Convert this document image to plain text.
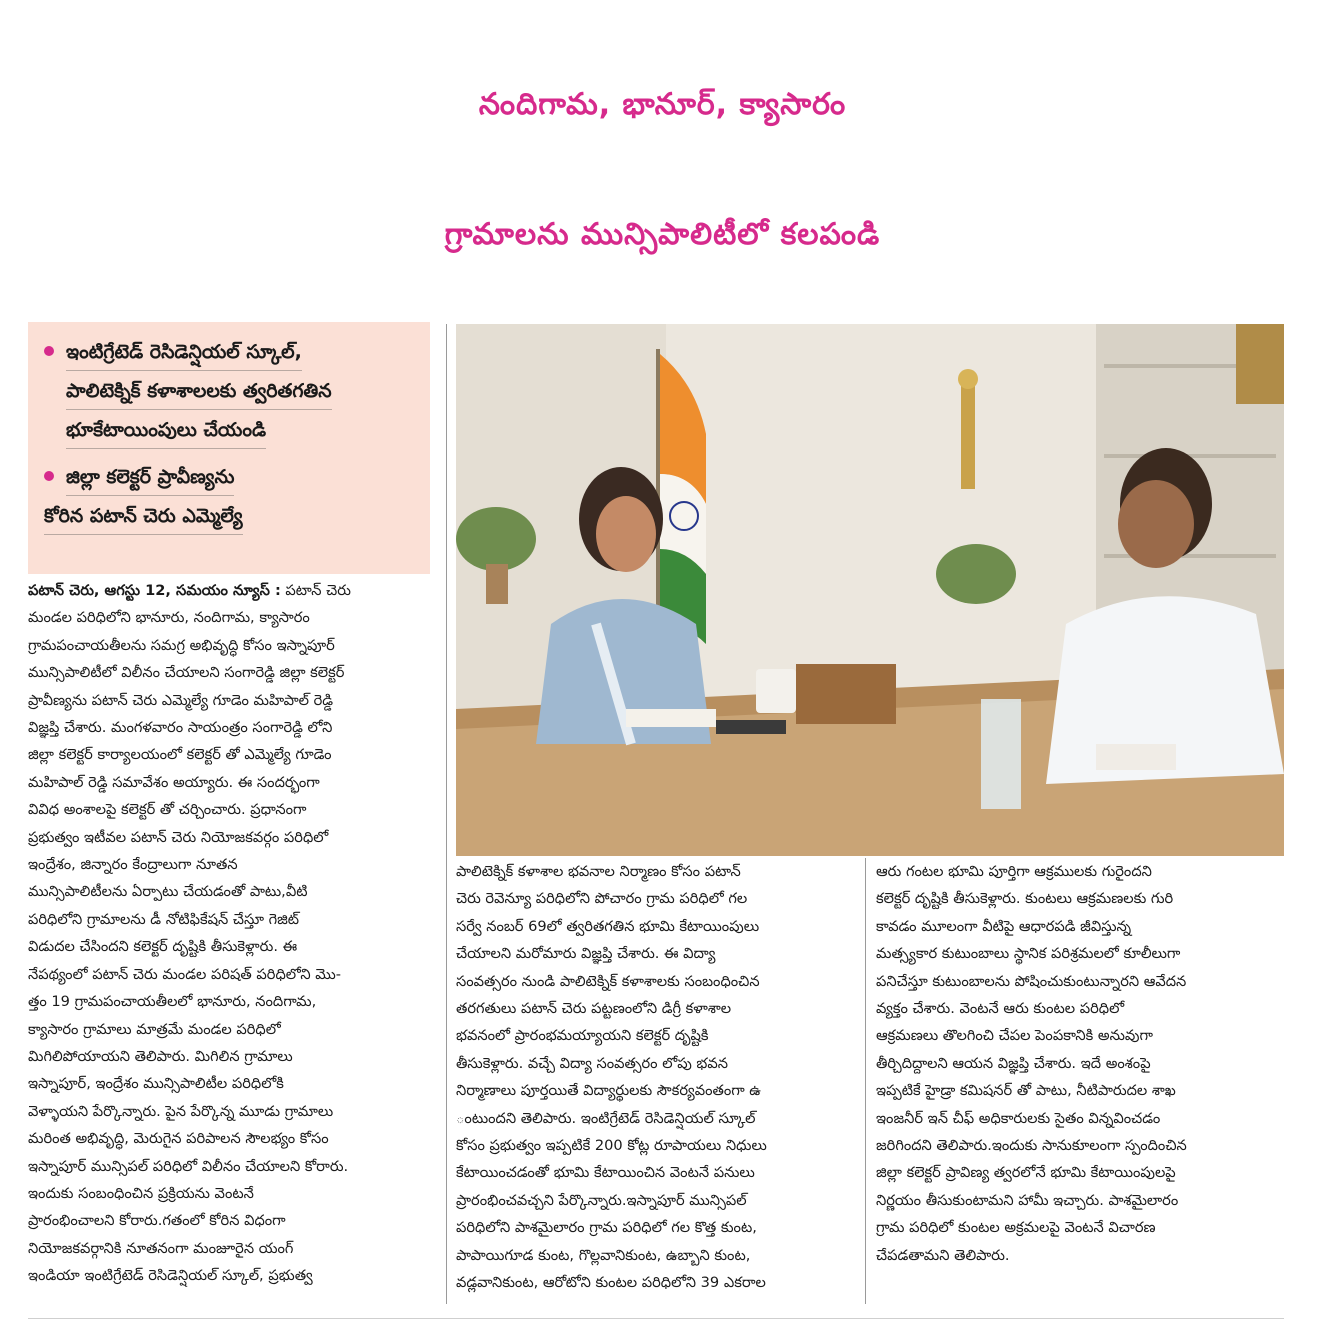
నందిగామ, భానూర్, క్యాసారం
గ్రామాలను మున్సిపాలిటీలో కలపండి
ఇంటిగ్రేటెడ్ రెసిడెన్షియల్ స్కూల్,
పాలిటెక్నిక్ కళాశాలలకు త్వరితగతిన
భూకేటాయింపులు చేయండి
జిల్లా కలెక్టర్ ప్రావీణ్యను
కోరిన పటాన్ చెరు ఎమ్మెల్యే
పటాన్ చెరు, ఆగస్టు 12, సమయం న్యూస్ : పటాన్ చెరు
మండల పరిధిలోని భానూరు, నందిగామ, క్యాసారం
గ్రామపంచాయతీలను సమగ్ర అభివృద్ధి కోసం ఇస్నాపూర్
మున్సిపాలిటీలో విలీనం చేయాలని సంగారెడ్డి జిల్లా కలెక్టర్
ప్రావీణ్యను పటాన్ చెరు ఎమ్మెల్యే గూడెం మహిపాల్ రెడ్డి
విజ్ఞప్తి చేశారు. మంగళవారం సాయంత్రం సంగారెడ్డి లోని
జిల్లా కలెక్టర్ కార్యాలయంలో కలెక్టర్ తో ఎమ్మెల్యే గూడెం
మహిపాల్ రెడ్డి సమావేశం అయ్యారు. ఈ సందర్భంగా
వివిధ అంశాలపై కలెక్టర్ తో చర్చించారు. ప్రధానంగా
ప్రభుత్వం ఇటీవల పటాన్ చెరు నియోజకవర్గం పరిధిలో
ఇంద్రేశం, జిన్నారం కేంద్రాలుగా నూతన
మున్సిపాలిటీలను ఏర్పాటు చేయడంతో పాటు,వీటి
పరిధిలోని గ్రామాలను డీ నోటిఫికేషన్ చేస్తూ గెజిట్
విడుదల చేసిందని కలెక్టర్ దృష్టికి తీసుకెళ్లారు. ఈ
నేపథ్యంలో పటాన్ చెరు మండల పరిషత్ పరిధిలోని మొ-
త్తం 19 గ్రామపంచాయతీలలో భానూరు, నందిగామ,
క్యాసారం గ్రామాలు మాత్రమే మండల పరిధిలో
మిగిలిపోయాయని తెలిపారు. మిగిలిన గ్రామాలు
ఇస్నాపూర్, ఇంద్రేశం మున్సిపాలిటీల పరిధిలోకి
వెళ్ళాయని పేర్కొన్నారు. పైన పేర్కొన్న మూడు గ్రామాలు
మరింత అభివృద్ధి, మెరుగైన పరిపాలన సౌలభ్యం కోసం
ఇస్నాపూర్ మున్సిపల్ పరిధిలో విలీనం చేయాలని కోరారు.
ఇందుకు సంబంధించిన ప్రక్రియను వెంటనే
ప్రారంభించాలని కోరారు.గతంలో కోరిన విధంగా
నియోజకవర్గానికి నూతనంగా మంజూరైన యంగ్
ఇండియా ఇంటిగ్రేటెడ్ రెసిడెన్షియల్ స్కూల్, ప్రభుత్వ
పాలిటెక్నిక్ కళాశాల భవనాల నిర్మాణం కోసం పటాన్
చెరు రెవెన్యూ పరిధిలోని పోచారం గ్రామ పరిధిలో గల
సర్వే నంబర్ 69లో త్వరితగతిన భూమి కేటాయింపులు
చేయాలని మరోమారు విజ్ఞప్తి చేశారు. ఈ విద్యా
సంవత్సరం నుండి పాలిటెక్నిక్ కళాశాలకు సంబంధించిన
తరగతులు పటాన్ చెరు పట్టణంలోని డిగ్రీ కళాశాల
భవనంలో ప్రారంభమయ్యాయని కలెక్టర్ దృష్టికి
తీసుకెళ్లారు. వచ్చే విద్యా సంవత్సరం లోపు భవన
నిర్మాణాలు పూర్తయితే విద్యార్థులకు సౌకర్యవంతంగా ఉ
ంటుందని తెలిపారు. ఇంటిగ్రేటెడ్ రెసిడెన్షియల్ స్కూల్
కోసం ప్రభుత్వం ఇప్పటికే 200 కోట్ల రూపాయలు నిధులు
కేటాయించడంతో భూమి కేటాయించిన వెంటనే పనులు
ప్రారంభించవచ్చని పేర్కొన్నారు.ఇస్నాపూర్ మున్సిపల్
పరిధిలోని పాశమైలారం గ్రామ పరిధిలో గల కొత్త కుంట,
పాపాయిగూడ కుంట, గొల్లవానికుంట, ఉబ్బాని కుంట,
వడ్లవానికుంట, ఆరోటోని కుంటల పరిధిలోని 39 ఎకరాల
ఆరు గంటల భూమి పూర్తిగా ఆక్రములకు గురైందని
కలెక్టర్ దృష్టికి తీసుకెళ్లారు. కుంటలు ఆక్రమణలకు గురి
కావడం మూలంగా వీటిపై ఆధారపడి జీవిస్తున్న
మత్స్యకార కుటుంబాలు స్థానిక పరిశ్రమలలో కూలీలుగా
పనిచేస్తూ కుటుంబాలను పోషించుకుంటున్నారని ఆవేదన
వ్యక్తం చేశారు. వెంటనే ఆరు కుంటల పరిధిలో
ఆక్రమణలు తొలగించి చేపల పెంపకానికి అనువుగా
తీర్చిదిద్దాలని ఆయన విజ్ఞప్తి చేశారు. ఇదే అంశంపై
ఇప్పటికే హైడ్రా కమిషనర్ తో పాటు, నీటిపారుదల శాఖ
ఇంజనీర్ ఇన్ చీఫ్ అధికారులకు సైతం విన్నవించడం
జరిగిందని తెలిపారు.ఇందుకు సానుకూలంగా స్పందించిన
జిల్లా కలెక్టర్ ప్రావిణ్య త్వరలోనే భూమి కేటాయింపులపై
నిర్ణయం తీసుకుంటామని హామీ ఇచ్చారు. పాశమైలారం
గ్రామ పరిధిలో కుంటల అక్రమలపై వెంటనే విచారణ
చేపడతామని తెలిపారు.
